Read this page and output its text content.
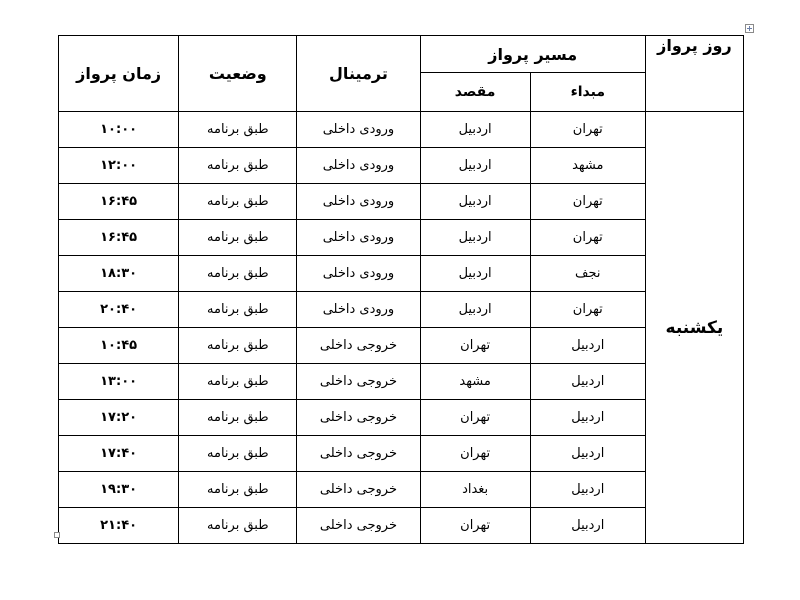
روز پرواز	مسیر پرواز		ترمینال	وضعیت	زمان پرواز
	مبداء	مقصد			
یکشنبه	تهران	اردبیل	ورودی داخلی	طبق برنامه	۱۰:۰۰
	مشهد	اردبیل	ورودی داخلی	طبق برنامه	۱۲:۰۰
	تهران	اردبیل	ورودی داخلی	طبق برنامه	۱۶:۴۵
	تهران	اردبیل	ورودی داخلی	طبق برنامه	۱۶:۴۵
	نجف	اردبیل	ورودی داخلی	طبق برنامه	۱۸:۳۰
	تهران	اردبیل	ورودی داخلی	طبق برنامه	۲۰:۴۰
	اردبیل	تهران	خروجی داخلی	طبق برنامه	۱۰:۴۵
	اردبیل	مشهد	خروجی داخلی	طبق برنامه	۱۳:۰۰
	اردبیل	تهران	خروجی داخلی	طبق برنامه	۱۷:۲۰
	اردبیل	تهران	خروجی داخلی	طبق برنامه	۱۷:۴۰
	اردبیل	بغداد	خروجی داخلی	طبق برنامه	۱۹:۳۰
	اردبیل	تهران	خروجی داخلی	طبق برنامه	۲۱:۴۰
